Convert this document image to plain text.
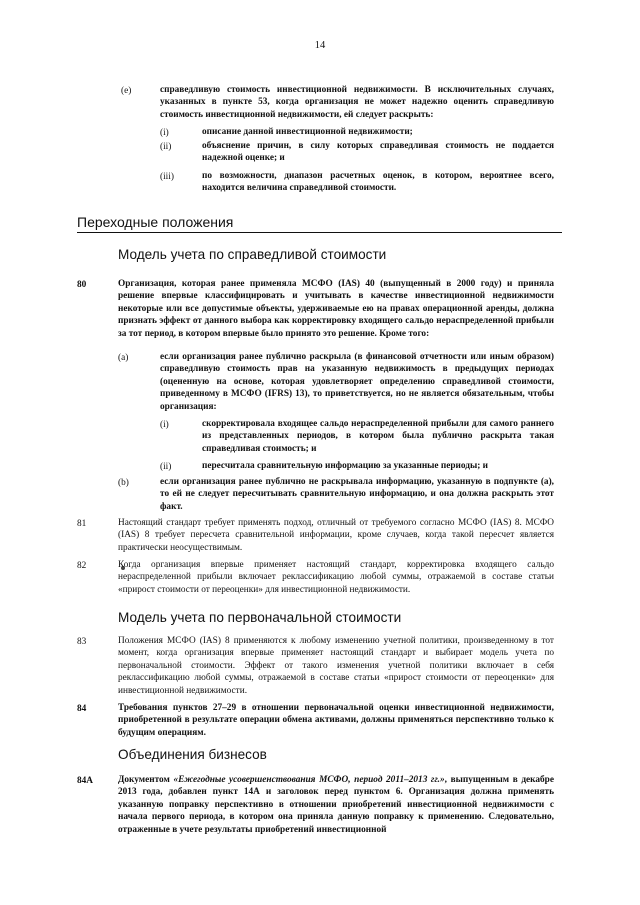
14
(e)	справедливую стоимость инвестиционной недвижимости. В исключительных случаях, указанных в пункте 53, когда организация не может надежно оценить справедливую стоимость инвестиционной недвижимости, ей следует раскрыть:

(i)	описание данной инвестиционной недвижимости;

(ii)	объяснение причин, в силу которых справедливая стоимость не поддается надежной оценке; и

(iii)	по возможности, диапазон расчетных оценок, в котором, вероятнее всего, находится величина справедливой стоимости.

Переходные положения
Модель учета по справедливой стоимости
80	Организация, которая ранее применяла МСФО (IAS) 40 (выпущенный в 2000 году) и приняла решение впервые классифицировать и учитывать в качестве инвестиционной недвижимости некоторые или все допустимые объекты, удерживаемые ею на правах операционной аренды, должна признать эффект от данного выбора как корректировку входящего сальдо нераспределенной прибыли за тот период, в котором впервые было принято это решение. Кроме того:

(a)	если организация ранее публично раскрыла (в финансовой отчетности или иным образом) справедливую стоимость прав на указанную недвижимость в предыдущих периодах (оцененную на основе, которая удовлетворяет определению справедливой стоимости, приведенному в МСФО (IFRS) 13), то приветствуется, но не является обязательным, чтобы организация:

(i)	скорректировала входящее сальдо нераспределенной прибыли для самого раннего из представленных периодов, в котором была публично раскрыта такая справедливая стоимость; и

(ii)	пересчитала сравнительную информацию за указанные периоды; и

(b)	если организация ранее публично не раскрывала информацию, указанную в подпункте (a), то ей не следует пересчитывать сравнительную информацию, и она должна раскрыть этот факт.

81	Настоящий стандарт требует применять подход, отличный от требуемого согласно МСФО (IAS) 8. МСФО (IAS) 8 требует пересчета сравнительной информации, кроме случаев, когда такой пересчет является практически неосуществимым.

82	Когда организация впервые применяет настоящий стандарт, корректировка входящего сальдо нераспределенной прибыли включает реклассификацию любой суммы, отражаемой в составе статьи «прирост стоимости от переоценки» для инвестиционной недвижимости.

Модель учета по первоначальной стоимости
83	Положения МСФО (IAS) 8 применяются к любому изменению учетной политики, произведенному в тот момент, когда организация впервые применяет настоящий стандарт и выбирает модель учета по первоначальной стоимости. Эффект от такого изменения учетной политики включает в себя реклассификацию любой суммы, отражаемой в составе статьи «прирост стоимости от переоценки» для инвестиционной недвижимости.

84	Требования пунктов 27–29 в отношении первоначальной оценки инвестиционной недвижимости, приобретенной в результате операции обмена активами, должны применяться перспективно только к будущим операциям.

Объединения бизнесов
84A	Документом «Ежегодные усовершенствования МСФО, период 2011–2013 гг.», выпущенным в декабре 2013 года, добавлен пункт 14А и заголовок перед пунктом 6. Организация должна применять указанную поправку перспективно в отношении приобретений инвестиционной недвижимости с начала первого периода, в котором она приняла данную поправку к применению. Следовательно, отраженные в учете результаты приобретений инвестиционной
